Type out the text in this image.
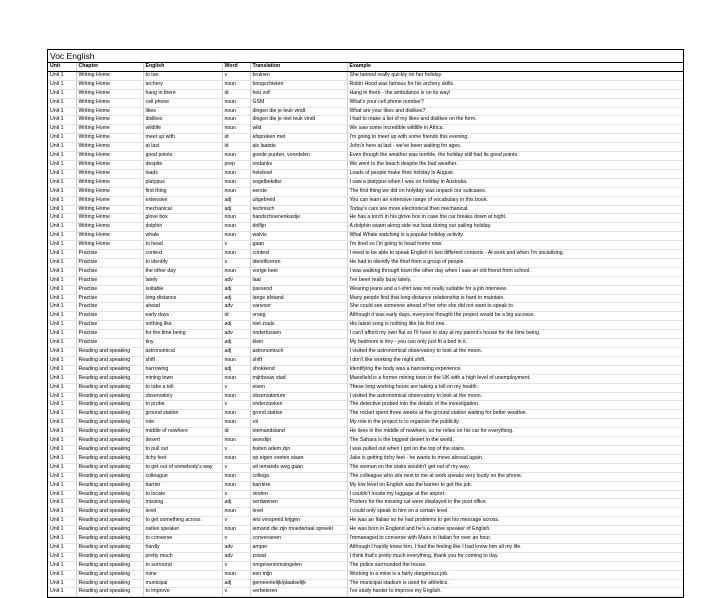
Voc English
Unit	Chapter	English	Word	Translation	Example
Unit 1	Writing Home	to tan	v	bruinen	She tanned really quickly on her holiday.
Unit 1	Writing Home	archery	noun	boogschieten	Robin Hood was famous for his archery skills.
Unit 1	Writing Home	hang in there	id	hou vol!	Hang in there - the ambulance is on its way!
Unit 1	Writing Home	cell phone	noun	GSM	What's your cell phone number?
Unit 1	Writing Home	likes	noun	dingen die je leuk vindt	What are your likes and dislikes?
Unit 1	Writing Home	dislikes	noun	dingen die je niet leuk vindt	I had to make a list of my likes and dislikes on the form.
Unit 1	Writing Home	wildlife	noun	wild	We saw some incredible wildlife in Africa.
Unit 1	Writing Home	meet up with	id	afspreken met	I'm going to meet up with some friends this evening.
Unit 1	Writing Home	at last	id	als laatste	John's here at last - we've been waiting for ages.
Unit 1	Writing Home	good points	noun	goede punten, voordelen	Even though the weather was terrible, the holiday still had its good points.
Unit 1	Writing Home	despite	prep	ondanks	We went to the beach despite the bad weather.
Unit 1	Writing Home	loads	noun	heleboel	Loads of people make their holiday in August.
Unit 1	Writing Home	platypus	noun	vogelbekdier	I saw a platypus when I was on holiday in Australia.
Unit 1	Writing Home	first thing	noun	eerste	The first thing we did on holyday was unpack our suitcases.
Unit 1	Writing Home	extensive	adj	uitgebreid	You can learn an extensive range of vocabulary in this book.
Unit 1	Writing Home	mechanical	adj	technisch	Today's cars are more electronical than mechanical.
Unit 1	Writing Home	glove box	noun	handschoenenkastje	He has a torch in his glove box in case the car breaks down at night.
Unit 1	Writing Home	dolphin	noun	dolfijn	A dolphin swam along side our boat during our sailing holiday.
Unit 1	Writing Home	whale	noun	walvis	Whal Whale watching is a popular holiday activity.
Unit 1	Writing Home	to head	v	gaan	I'm tired so I'm going to head home now.
Unit 1	Practise	context	noun	context	I need to be able to speak English in two different contexts - At work and when I'm socialising.
Unit 1	Practise	to identify	v	identificeren	He had to identify the thief from a group of people.
Unit 1	Practise	the other day	noun	vorige keer	I was walking through town the other day when I saw an old friend from school.
Unit 1	Practise	lately	adv	laat	I've been really busy lately.
Unit 1	Practise	suitable	adj	passend	Wearing jeans and a t-shirt was not really suitable for a job interview.
Unit 1	Practise	long-distance	adj	lange afstand	Many people find that long-distance relationship is hard to maintain.
Unit 1	Practise	ahead	adv	vanvoor	She could see someone ahead of her who she did not want to speak to.
Unit 1	Practise	early days	id	vroeg	Although it was early days, everyone thought the project would be a big success.
Unit 1	Practise	nothing like	adj	niet zoals	His latest song is nothing like his first one.
Unit 1	Practise	for the time being	adv	ondertussen	I can't afford my own flat so I'll have to stay at my parent's house for the time being.
Unit 1	Practise	tiny	adj	klein	My bedroom is tiny - you can only just fit a bed in it.
Unit 1	Reading and speaking	astronomical	adj	astronomisch	I visited the astronomical observatory to look at the moon.
Unit 1	Reading and speaking	shift	noun	shift	I don't like working the night shift.
Unit 1	Reading and speaking	harrowing	adj	shokkend	Identifying the body was a harrowing experience.
Unit 1	Reading and speaking	mining town	noun	mijnbouw stad	Mansfield is a former mining town in the UK with a high level of unemployment.
Unit 1	Reading and speaking	to take a toll	v	eisen	These long working hours are taking a toll on my health.
Unit 1	Reading and speaking	observatory	noun	observatorium	I visited the astronomical observatory to look at the moon.
Unit 1	Reading and speaking	to probe	v	onderzoeken	The detective probed into the details of the investigation.
Unit 1	Reading and speaking	ground station	noun	grond station	The rocket spent three weeks at the ground station waiting for better weather.
Unit 1	Reading and speaking	role	noun	rol	My role in the project is to organize the publicity.
Unit 1	Reading and speaking	middle of nowhere	id	niemandsland	He lives in the middle of nowhere, so he relies on his car for everything.
Unit 1	Reading and speaking	desert	noun	woestijn	The Sahara is the biggest desert in the world.
Unit 1	Reading and speaking	to pull out	v	buiten adem zijn	I was pulled out when I got on the top of the stairs.
Unit 1	Reading and speaking	itchy feet	noun	op eigen voeten staan	Jake is getting itchy feet - he wants to move abroad again.
Unit 1	Reading and speaking	to get out of somebody's way	v	uit iemands weg gaan	The woman on the stairs wouldn't get out of my way.
Unit 1	Reading and speaking	colleague	noun	collega	The colleague who sits next to me at work speaks very loudy on the phone.
Unit 1	Reading and speaking	barrier	noun	barrière	My low level on English was the barrier to get the job.
Unit 1	Reading and speaking	to locate	v	vinden	I couldn't locate my luggage at the airport.
Unit 1	Reading and speaking	missing	adj	verdwenen	Posters for the missing cat were displayed in the post office.
Unit 1	Reading and speaking	level	noun	level	I could only speak to him on a certain level.
Unit 1	Reading and speaking	to get something across	v	iets verspreid krijgen	He was an Italian so he had problems to get his message across.
Unit 1	Reading and speaking	native speaker	noun	iemand die zijn moedertaal spreekt	He was born in England and he's a native speaker of English.
Unit 1	Reading and speaking	to converse	v	converseren	I'mmanaged to converse with Mario in Italian for over an hour.
Unit 1	Reading and speaking	hardly	adv	amper	Although I hardly knew him, I had the feeling like I had know him all my life.
Unit 1	Reading and speaking	pretty much	adv	zowat	I think that's pretty much everything, thank you for coming to day.
Unit 1	Reading and speaking	to surround	v	omgeven/omsingelen	The police surrounded the house.
Unit 1	Reading and speaking	mine	noun	een mijn	Working in a mine is a fairly dangerous job.
Unit 1	Reading and speaking	municipal	adj	gemeentelijk/plaatselijk	The municipal stadium is used for athletics.
Unit 1	Reading and speaking	to improve	v	verbeteren	I've study harder to improve my English.
